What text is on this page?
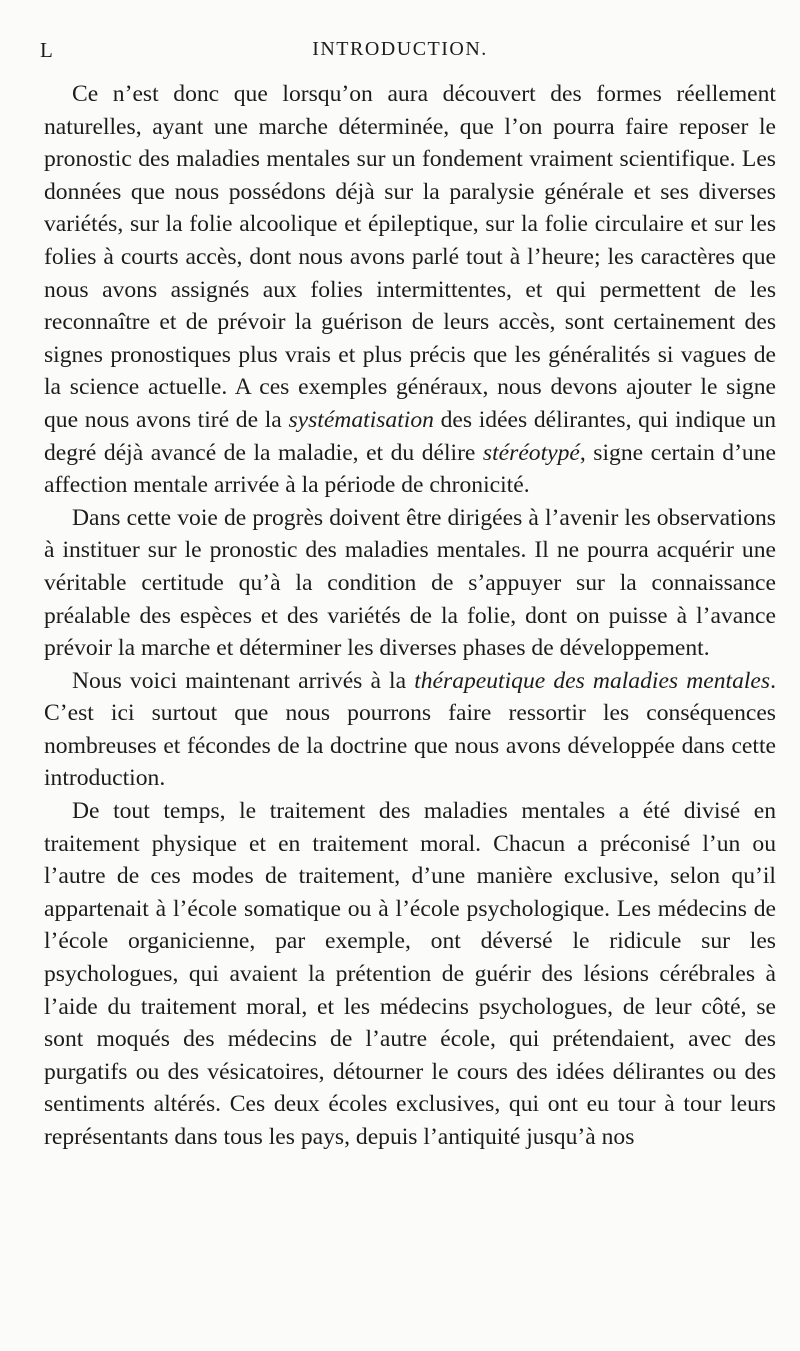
L	INTRODUCTION.

Ce n’est donc que lorsqu’on aura découvert des formes réellement naturelles, ayant une marche déterminée, que l’on pourra faire reposer le pronostic des maladies mentales sur un fondement vraiment scientifique. Les données que nous possédons déjà sur la paralysie générale et ses diverses variétés, sur la folie alcoolique et épileptique, sur la folie circulaire et sur les folies à courts accès, dont nous avons parlé tout à l’heure; les caractères que nous avons assignés aux folies intermittentes, et qui permettent de les reconnaître et de prévoir la guérison de leurs accès, sont certainement des signes pronostiques plus vrais et plus précis que les généralités si vagues de la science actuelle. A ces exemples généraux, nous devons ajouter le signe que nous avons tiré de la systématisation des idées délirantes, qui indique un degré déjà avancé de la maladie, et du délire stéréotypé, signe certain d’une affection mentale arrivée à la période de chronicité.

Dans cette voie de progrès doivent être dirigées à l’avenir les observations à instituer sur le pronostic des maladies mentales. Il ne pourra acquérir une véritable certitude qu’à la condition de s’appuyer sur la connaissance préalable des espèces et des variétés de la folie, dont on puisse à l’avance prévoir la marche et déterminer les diverses phases de développement.

Nous voici maintenant arrivés à la thérapeutique des maladies mentales. C’est ici surtout que nous pourrons faire ressortir les conséquences nombreuses et fécondes de la doctrine que nous avons développée dans cette introduction.

De tout temps, le traitement des maladies mentales a été divisé en traitement physique et en traitement moral. Chacun a préconisé l’un ou l’autre de ces modes de traitement, d’une manière exclusive, selon qu’il appartenait à l’école somatique ou à l’école psychologique. Les médecins de l’école organicienne, par exemple, ont déversé le ridicule sur les psychologues, qui avaient la prétention de guérir des lésions cérébrales à l’aide du traitement moral, et les médecins psychologues, de leur côté, se sont moqués des médecins de l’autre école, qui prétendaient, avec des purgatifs ou des vésicatoires, détourner le cours des idées délirantes ou des sentiments altérés. Ces deux écoles exclusives, qui ont eu tour à tour leurs représentants dans tous les pays, depuis l’antiquité jusqu’à nos
